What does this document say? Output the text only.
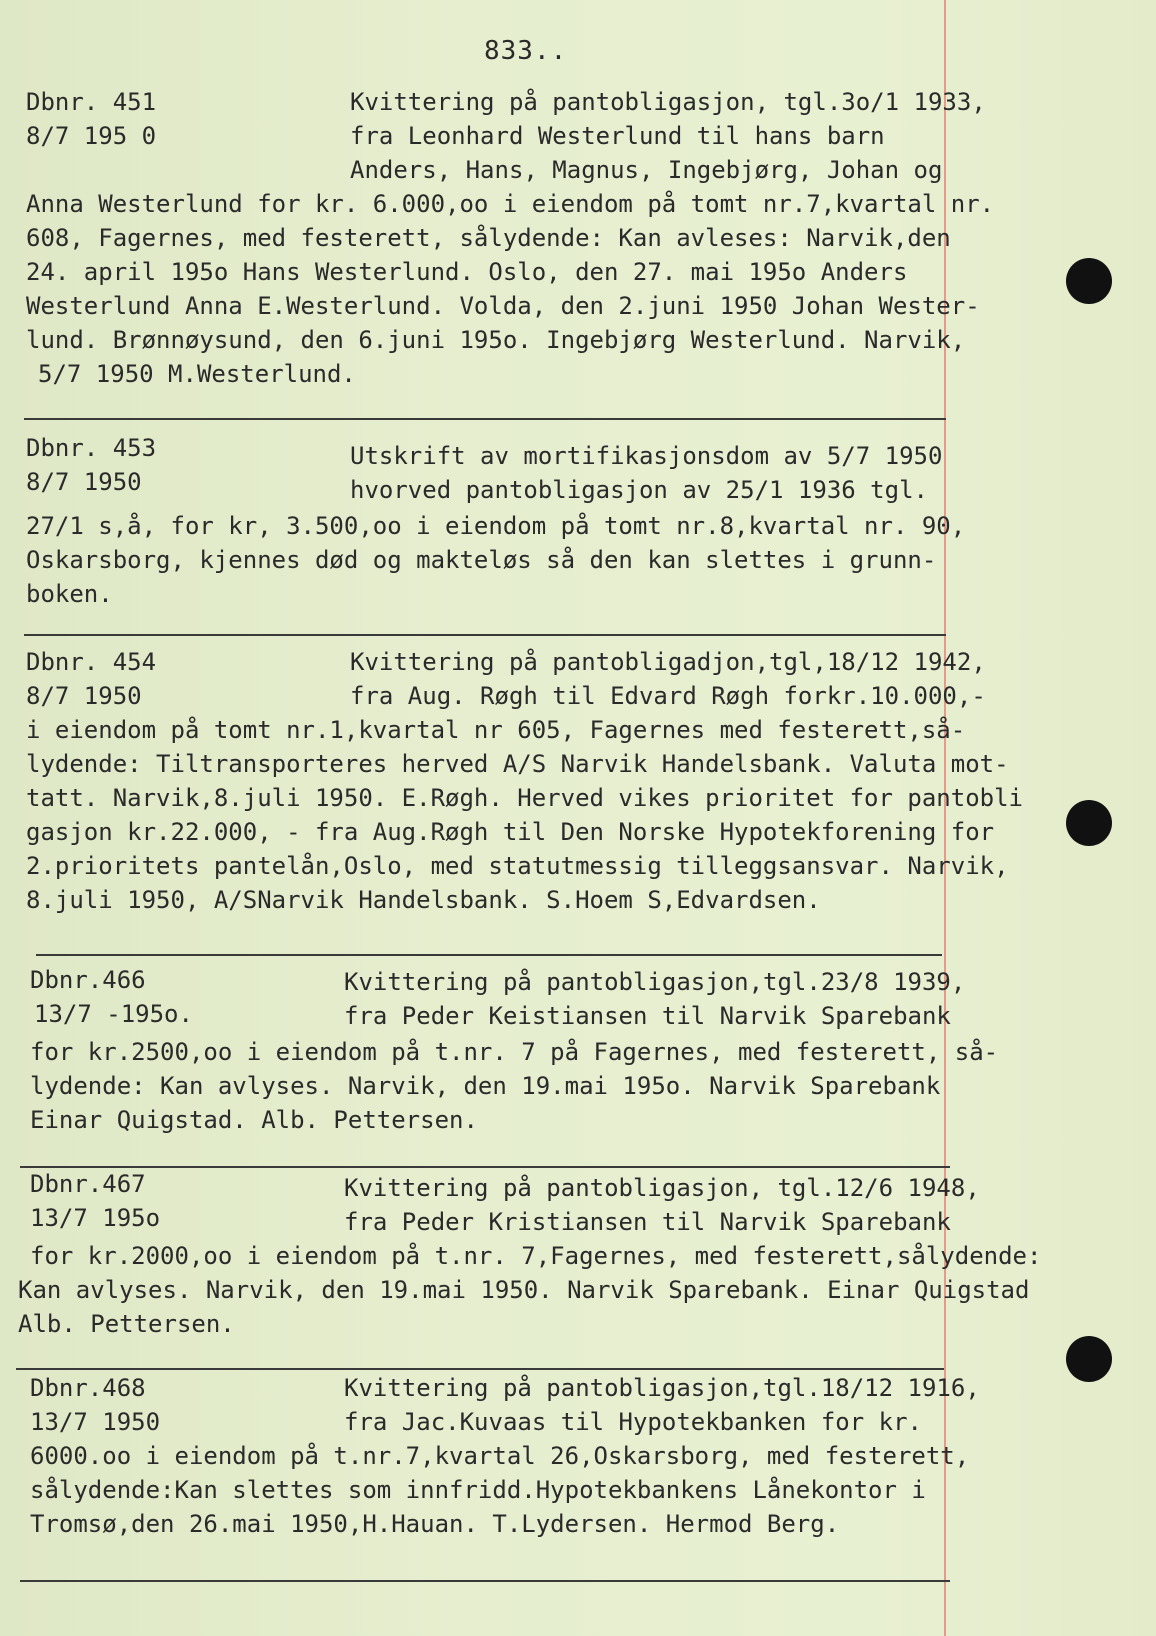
833..
Dbnr. 451
8/7 195 0
Kvittering på pantobligasjon, tgl.3o/1 1933,
fra Leonhard Westerlund til hans barn
Anders, Hans, Magnus, Ingebjørg, Johan og
Anna Westerlund for kr. 6.000,oo i eiendom på tomt nr.7,kvartal nr.
608, Fagernes, med festerett, sålydende: Kan avleses: Narvik,den
24. april 195o Hans Westerlund. Oslo, den 27. mai 195o Anders
Westerlund Anna E.Westerlund. Volda, den 2.juni 1950 Johan Wester-
lund. Brønnøysund, den 6.juni 195o. Ingebjørg Westerlund. Narvik,
5/7 1950 M.Westerlund.
Dbnr. 453
8/7 1950
Utskrift av mortifikasjonsdom av 5/7 1950
hvorved pantobligasjon av 25/1 1936 tgl.
27/1 s,å, for kr, 3.500,oo i eiendom på tomt nr.8,kvartal nr. 90,
Oskarsborg, kjennes død og makteløs så den kan slettes i grunn-
boken.
Dbnr. 454
8/7 1950
Kvittering på pantobligadjon,tgl,18/12 1942,
fra Aug. Røgh til Edvard Røgh forkr.10.000,-
i eiendom på tomt nr.1,kvartal nr 605, Fagernes med festerett,så-
lydende: Tiltransporteres herved A/S Narvik Handelsbank. Valuta mot-
tatt. Narvik,8.juli 1950. E.Røgh. Herved vikes prioritet for pantobli
gasjon kr.22.000, - fra Aug.Røgh til Den Norske Hypotekforening for
2.prioritets pantelån,Oslo, med statutmessig tilleggsansvar. Narvik,
8.juli 1950, A/SNarvik Handelsbank. S.Hoem S,Edvardsen.
Dbnr.466
13/7 -195o.
Kvittering på pantobligasjon,tgl.23/8 1939,
fra Peder Keistiansen til Narvik Sparebank
for kr.2500,oo i eiendom på t.nr. 7 på Fagernes, med festerett, så-
lydende: Kan avlyses. Narvik, den 19.mai 195o. Narvik Sparebank
Einar Quigstad. Alb. Pettersen.
Dbnr.467
13/7 195o
Kvittering på pantobligasjon, tgl.12/6 1948,
fra Peder Kristiansen til Narvik Sparebank
for kr.2000,oo i eiendom på t.nr. 7,Fagernes, med festerett,sålydende:
Kan avlyses. Narvik, den 19.mai 1950. Narvik Sparebank. Einar Quigstad
Alb. Pettersen.
Dbnr.468
13/7 1950
Kvittering på pantobligasjon,tgl.18/12 1916,
fra Jac.Kuvaas til Hypotekbanken for kr.
6000.oo i eiendom på t.nr.7,kvartal 26,Oskarsborg, med festerett,
sålydende:Kan slettes som innfridd.Hypotekbankens Lånekontor i
Tromsø,den 26.mai 1950,H.Hauan. T.Lydersen. Hermod Berg.
